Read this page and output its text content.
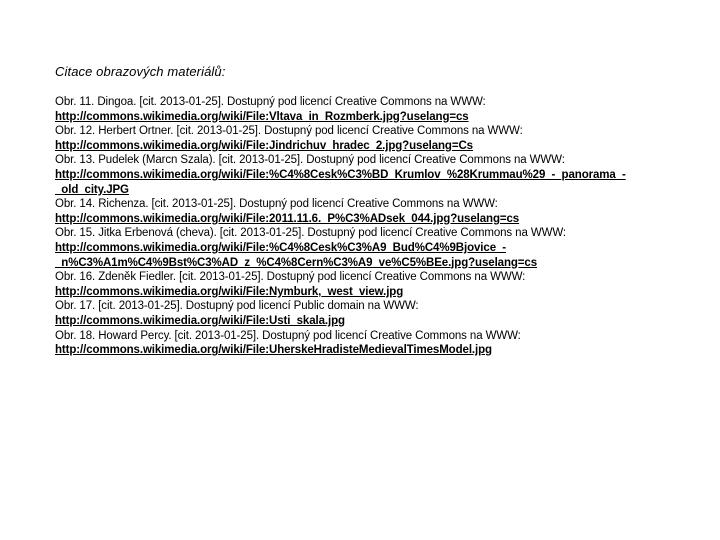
Citace obrazových materiálů:
Obr. 11. Dingoa. [cit. 2013-01-25]. Dostupný pod licencí Creative Commons na WWW:
http://commons.wikimedia.org/wiki/File:Vltava_in_Rozmberk.jpg?uselang=cs
Obr. 12. Herbert Ortner. [cit. 2013-01-25]. Dostupný pod licencí Creative Commons na WWW:
http://commons.wikimedia.org/wiki/File:Jindrichuv_hradec_2.jpg?uselang=Cs
Obr. 13. Pudelek (Marcn Szala). [cit. 2013-01-25]. Dostupný pod licencí Creative Commons na WWW:
http://commons.wikimedia.org/wiki/File:%C4%8Cesk%C3%BD_Krumlov_%28Krummau%29_-_panorama_-
_old_city.JPG
Obr. 14. Richenza. [cit. 2013-01-25]. Dostupný pod licencí Creative Commons na WWW:
http://commons.wikimedia.org/wiki/File:2011.11.6._P%C3%ADsek_044.jpg?uselang=cs
Obr. 15. Jitka Erbenová (cheva). [cit. 2013-01-25]. Dostupný pod licencí Creative Commons na WWW:
http://commons.wikimedia.org/wiki/File:%C4%8Cesk%C3%A9_Bud%C4%9Bjovice_-
_n%C3%A1m%C4%9Bst%C3%AD_z_%C4%8Cern%C3%A9_ve%C5%BEe.jpg?uselang=cs
Obr. 16. Zdeněk Fiedler. [cit. 2013-01-25]. Dostupný pod licencí Creative Commons na WWW:
http://commons.wikimedia.org/wiki/File:Nymburk,_west_view.jpg
Obr. 17. [cit. 2013-01-25]. Dostupný pod licencí Public domain na WWW:
http://commons.wikimedia.org/wiki/File:Usti_skala.jpg
Obr. 18. Howard Percy. [cit. 2013-01-25]. Dostupný pod licencí Creative Commons na WWW:
http://commons.wikimedia.org/wiki/File:UherskeHradisteMedievalTimesModel.jpg
